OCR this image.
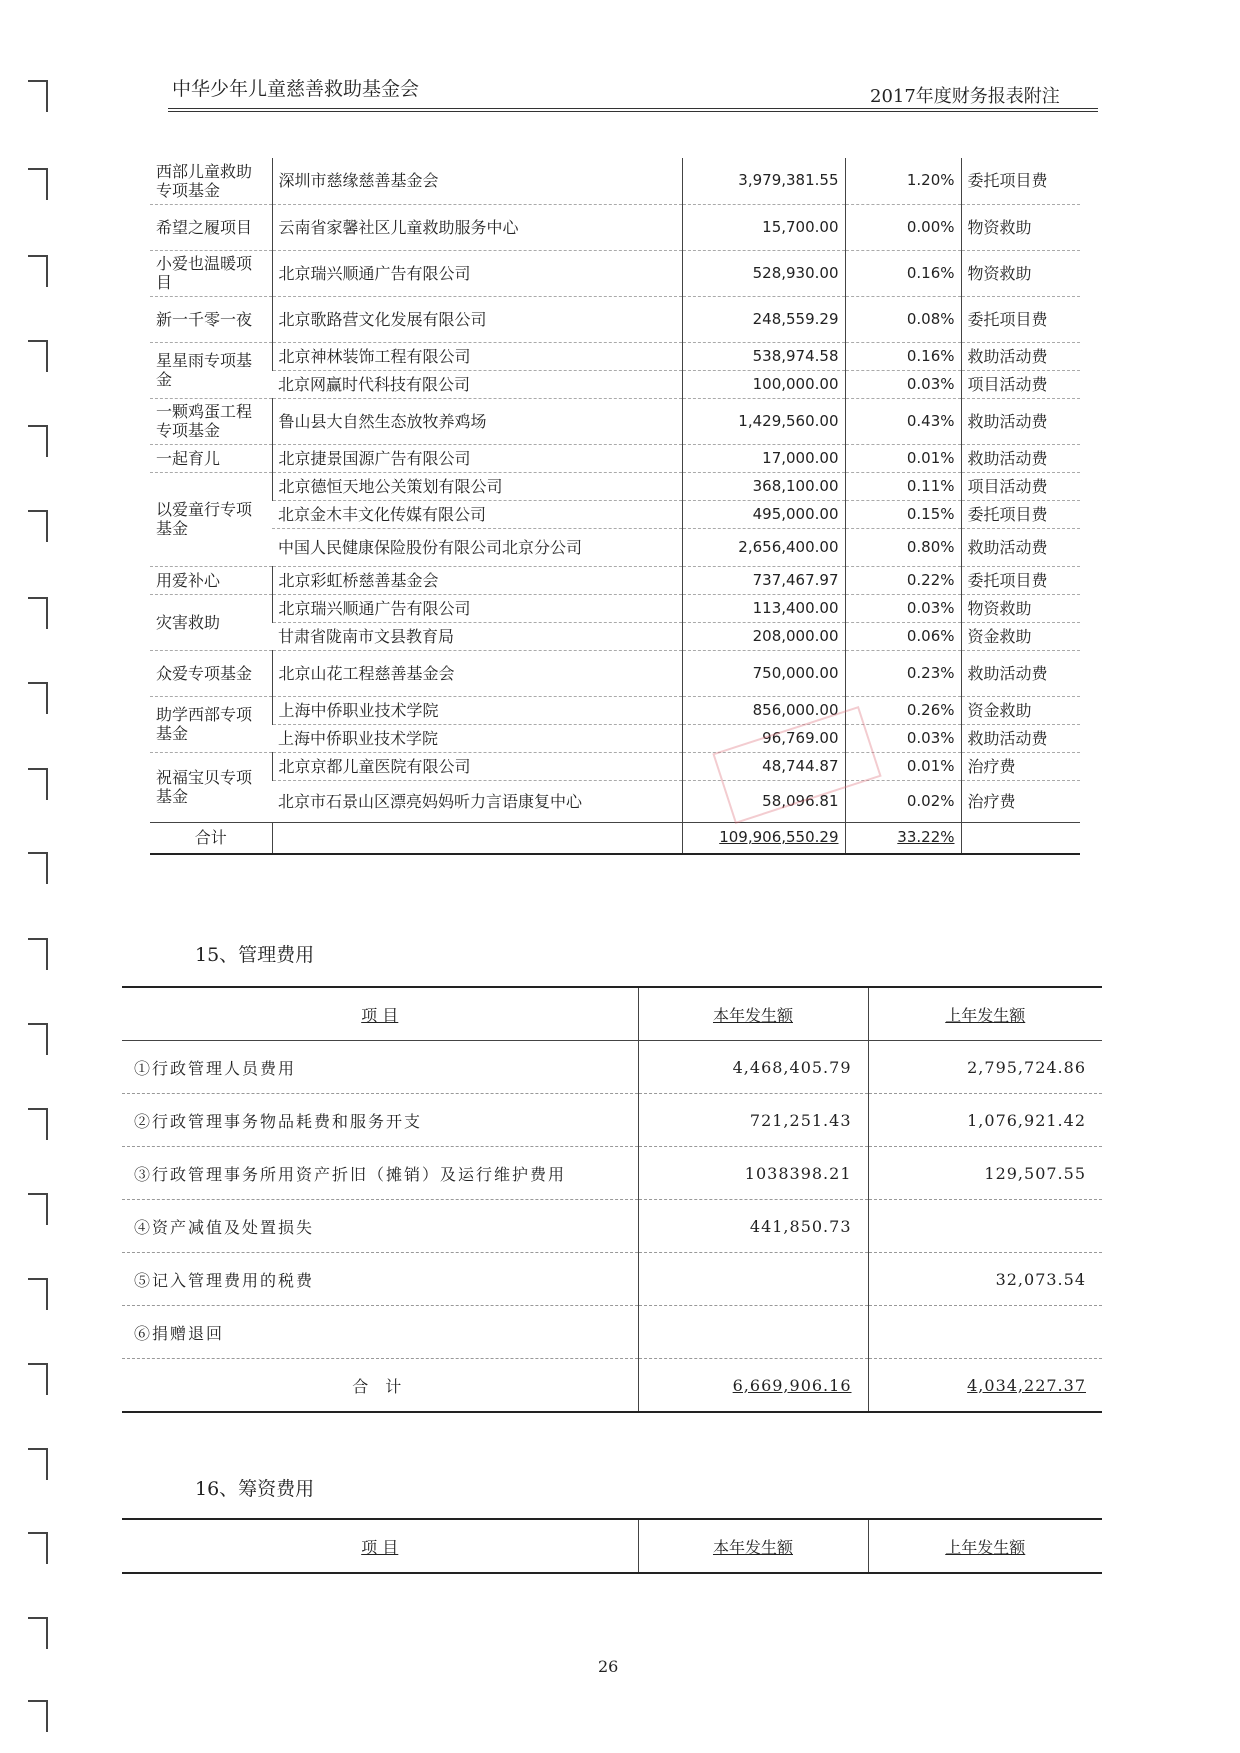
中华少年儿童慈善救助基金会	2017年度财务报表附注
西部儿童救助专项基金	深圳市慈缘慈善基金会	3,979,381.55	1.20%	委托项目费
希望之履项目	云南省家馨社区儿童救助服务中心	15,700.00	0.00%	物资救助
小爱也温暖项目	北京瑞兴顺通广告有限公司	528,930.00	0.16%	物资救助
新一千零一夜	北京歌路营文化发展有限公司	248,559.29	0.08%	委托项目费
星星雨专项基金	北京神林装饰工程有限公司	538,974.58	0.16%	救助活动费
	北京网赢时代科技有限公司	100,000.00	0.03%	项目活动费
一颗鸡蛋工程专项基金	鲁山县大自然生态放牧养鸡场	1,429,560.00	0.43%	救助活动费
一起育儿	北京捷景国源广告有限公司	17,000.00	0.01%	救助活动费
以爱童行专项基金	北京德恒天地公关策划有限公司	368,100.00	0.11%	项目活动费
	北京金木丰文化传媒有限公司	495,000.00	0.15%	委托项目费
	中国人民健康保险股份有限公司北京分公司	2,656,400.00	0.80%	救助活动费
用爱补心	北京彩虹桥慈善基金会	737,467.97	0.22%	委托项目费
灾害救助	北京瑞兴顺通广告有限公司	113,400.00	0.03%	物资救助
	甘肃省陇南市文县教育局	208,000.00	0.06%	资金救助
众爱专项基金	北京山花工程慈善基金会	750,000.00	0.23%	救助活动费
助学西部专项基金	上海中侨职业技术学院	856,000.00	0.26%	资金救助
	上海中侨职业技术学院	96,769.00	0.03%	救助活动费
祝福宝贝专项基金	北京京都儿童医院有限公司	48,744.87	0.01%	治疗费
	北京市石景山区漂亮妈妈听力言语康复中心	58,096.81	0.02%	治疗费
合计		109,906,550.29	33.22%	
15、管理费用
项 目	本年发生额	上年发生额
①行政管理人员费用	4,468,405.79	2,795,724.86
②行政管理事务物品耗费和服务开支	721,251.43	1,076,921.42
③行政管理事务所用资产折旧（摊销）及运行维护费用	1038398.21	129,507.55
④资产减值及处置损失	441,850.73	
⑤记入管理费用的税费		32,073.54
⑥捐赠退回		
合 计	6,669,906.16	4,034,227.37
16、筹资费用
项 目	本年发生额	上年发生额
26
